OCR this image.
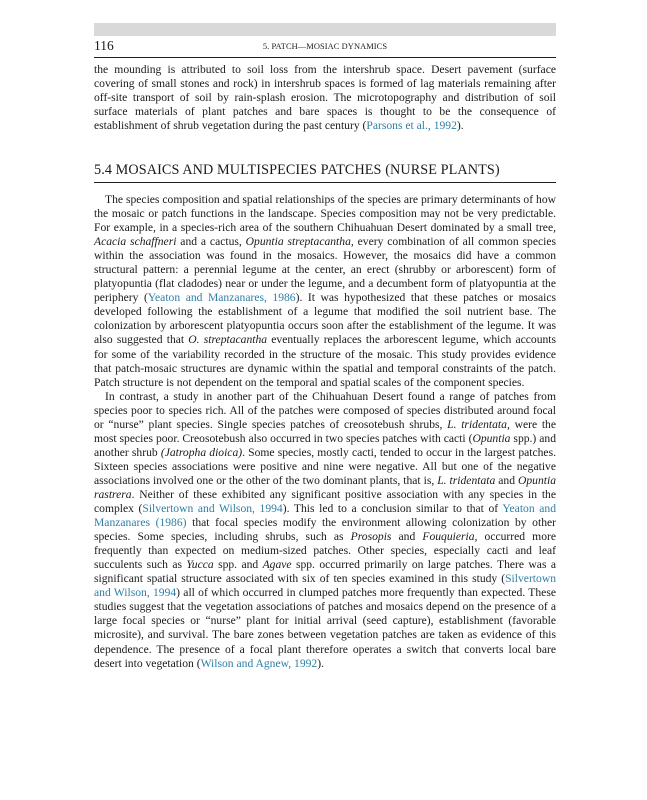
116	5. PATCH—MOSIAC DYNAMICS

the mounding is attributed to soil loss from the intershrub space. Desert pavement (surface covering of small stones and rock) in intershrub spaces is formed of lag materials remaining after off-site transport of soil by rain-splash erosion. The microtopography and distribution of soil surface materials of plant patches and bare spaces is thought to be the consequence of establishment of shrub vegetation during the past century (Parsons et al., 1992).

5.4 MOSAICS AND MULTISPECIES PATCHES (NURSE PLANTS)

The species composition and spatial relationships of the species are primary determinants of how the mosaic or patch functions in the landscape. Species composition may not be very predictable. For example, in a species-rich area of the southern Chihuahuan Desert dominated by a small tree, Acacia schaffneri and a cactus, Opuntia streptacantha, every combination of all common species within the association was found in the mosaics. However, the mosaics did have a common structural pattern: a perennial legume at the center, an erect (shrubby or arborescent) form of platyopuntia (flat cladodes) near or under the legume, and a decumbent form of platyopuntia at the periphery (Yeaton and Manzanares, 1986). It was hypothesized that these patches or mosaics developed following the establishment of a legume that modified the soil nutrient base. The colonization by arborescent platyopuntia occurs soon after the establishment of the legume. It was also suggested that O. streptacantha eventually replaces the arborescent legume, which accounts for some of the variability recorded in the structure of the mosaic. This study provides evidence that patch-mosaic structures are dynamic within the spatial and temporal constraints of the patch. Patch structure is not dependent on the temporal and spatial scales of the component species.

In contrast, a study in another part of the Chihuahuan Desert found a range of patches from species poor to species rich. All of the patches were composed of species distributed around focal or “nurse” plant species. Single species patches of creosotebush shrubs, L. tridentata, were the most species poor. Creosotebush also occurred in two species patches with cacti (Opuntia spp.) and another shrub (Jatropha dioica). Some species, mostly cacti, tended to occur in the largest patches. Sixteen species associations were positive and nine were negative. All but one of the negative associations involved one or the other of the two dominant plants, that is, L. tridentata and Opuntia rastrera. Neither of these exhibited any significant positive association with any species in the complex (Silvertown and Wilson, 1994). This led to a conclusion similar to that of Yeaton and Manzanares (1986) that focal species modify the environment allowing colonization by other species. Some species, including shrubs, such as Prosopis and Fouquieria, occurred more frequently than expected on medium-sized patches. Other species, especially cacti and leaf succulents such as Yucca spp. and Agave spp. occurred primarily on large patches. There was a significant spatial structure associated with six of ten species examined in this study (Silvertown and Wilson, 1994) all of which occurred in clumped patches more frequently than expected. These studies suggest that the vegetation associations of patches and mosaics depend on the presence of a large focal species or “nurse” plant for initial arrival (seed capture), establishment (favorable microsite), and survival. The bare zones between vegetation patches are taken as evidence of this dependence. The presence of a focal plant therefore operates a switch that converts local bare desert into vegetation (Wilson and Agnew, 1992).
